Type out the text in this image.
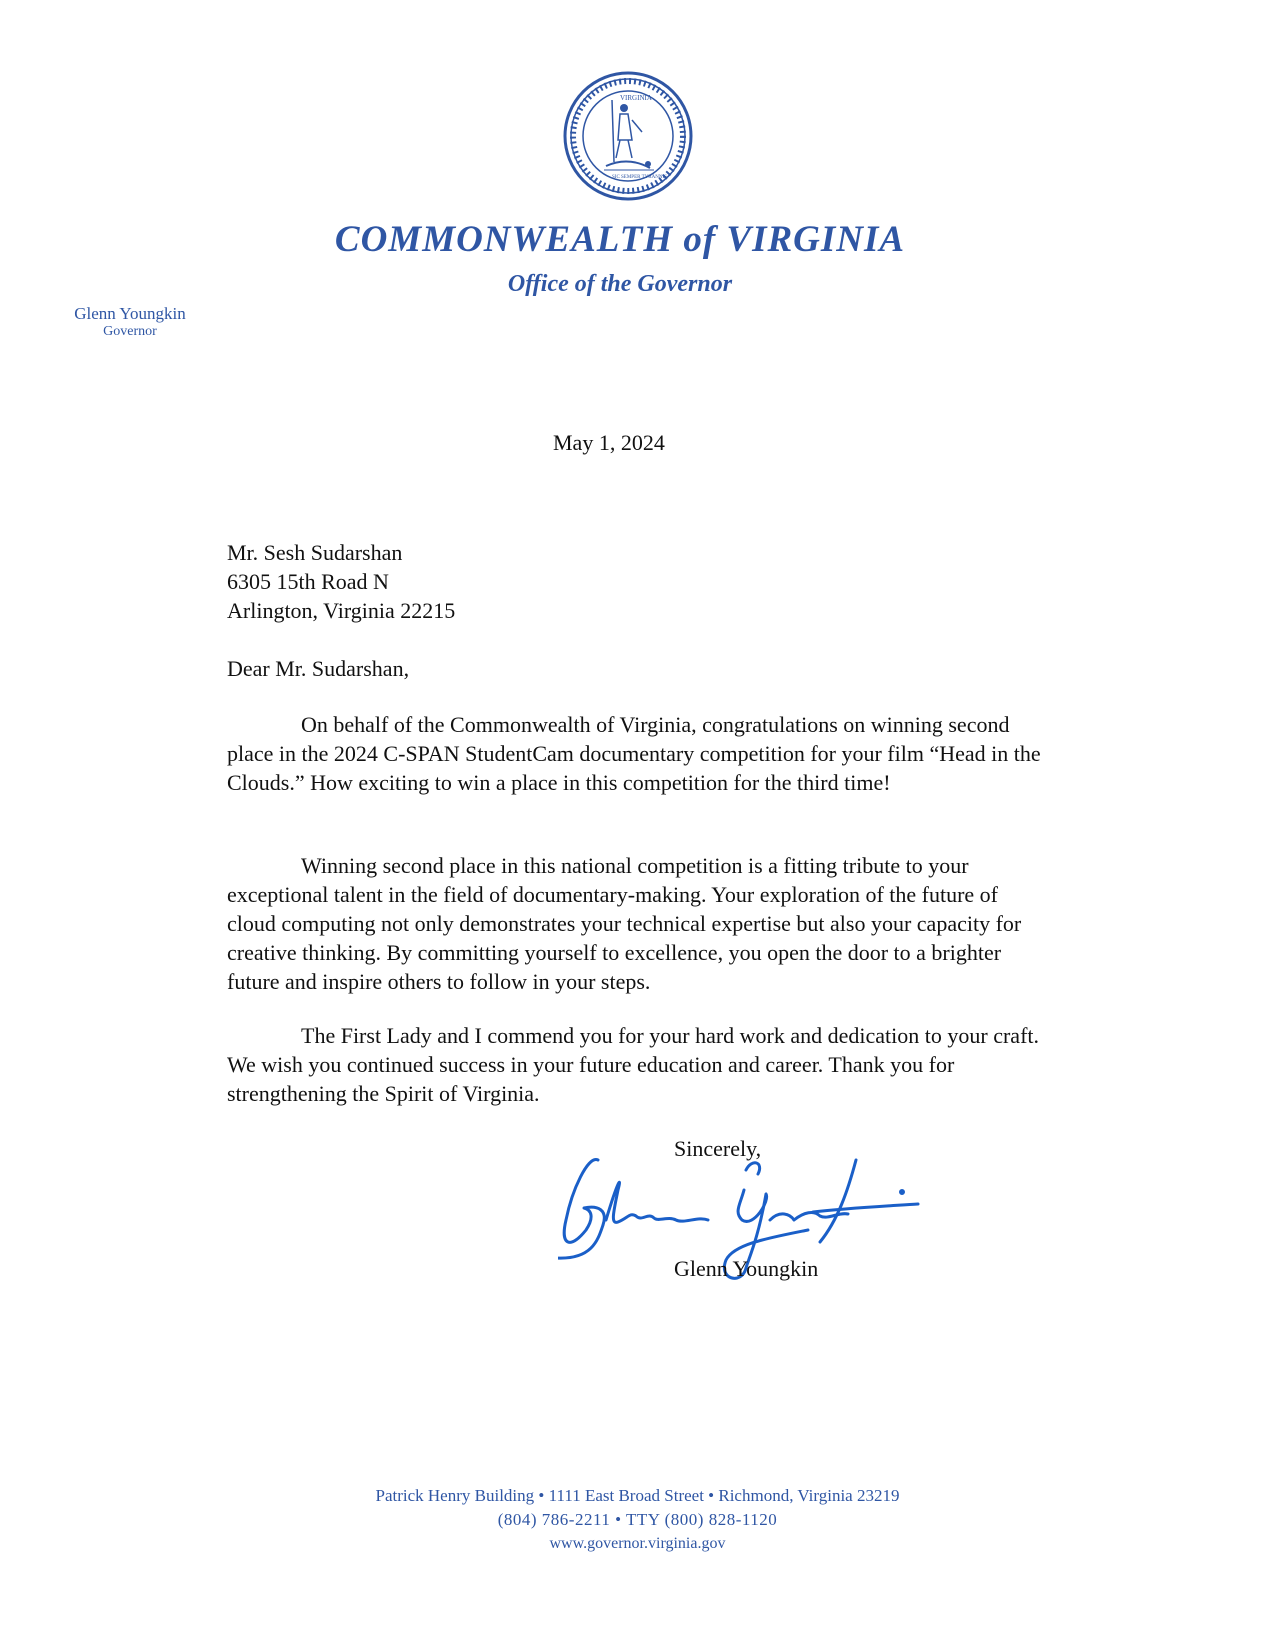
VIRGINIA
SIC SEMPER TYRANNIS
COMMONWEALTH of VIRGINIA
Office of the Governor
Glenn Youngkin
Governor
May 1, 2024
Mr. Sesh Sudarshan
6305 15th Road N
Arlington, Virginia 22215
Dear Mr. Sudarshan,
On behalf of the Commonwealth of Virginia, congratulations on winning second place in the 2024 C-SPAN StudentCam documentary competition for your film “Head in the Clouds.” How exciting to win a place in this competition for the third time!
Winning second place in this national competition is a fitting tribute to your exceptional talent in the field of documentary-making. Your exploration of the future of cloud computing not only demonstrates your technical expertise but also your capacity for creative thinking. By committing yourself to excellence, you open the door to a brighter future and inspire others to follow in your steps.
The First Lady and I commend you for your hard work and dedication to your craft. We wish you continued success in your future education and career. Thank you for strengthening the Spirit of Virginia.
Sincerely,
Glenn Youngkin
Patrick Henry Building • 1111 East Broad Street • Richmond, Virginia 23219
(804) 786-2211 • TTY (800) 828-1120
www.governor.virginia.gov
